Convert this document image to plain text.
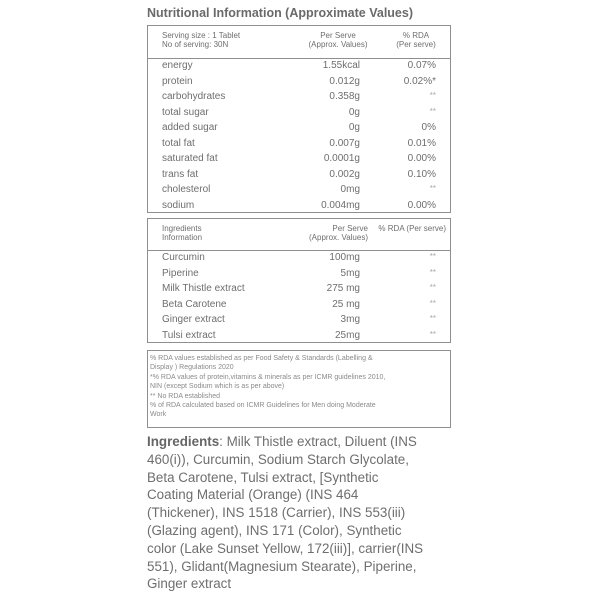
Nutritional Information (Approximate Values)
Serving size : 1 Tablet
No of serving: 30N
Per Serve
(Approx. Values)
% RDA
(Per serve)
energy	1.55kcal	0.07%
protein	0.012g	0.02%*
carbohydrates	0.358g	**
total sugar	0g	**
added sugar	0g	0%
total fat	0.007g	0.01%
saturated fat	0.0001g	0.00%
trans fat	0.002g	0.10%
cholesterol	0mg	**
sodium	0.004mg	0.00%
Ingredients
Information
Per Serve
(Approx. Values)
% RDA (Per serve)
Curcumin	100mg	**
Piperine	5mg	**
Milk Thistle extract	275 mg	**
Beta Carotene	25 mg	**
Ginger extract	3mg	**
Tulsi extract	25mg	**
% RDA values established as per Food Safety & Standards (Labelling &
Display ) Regulations 2020
*% RDA values of protein,vitamins & minerals as per ICMR guidelines 2010,
NIN (except Sodium which is as per above)
** No RDA established
% of RDA calculated based on ICMR Guidelines for Men doing Moderate
Work
Ingredients: Milk Thistle extract, Diluent (INS
460(i)), Curcumin, Sodium Starch Glycolate,
Beta Carotene, Tulsi extract, [Synthetic
Coating Material (Orange) (INS 464
(Thickener), INS 1518 (Carrier), INS 553(iii)
(Glazing agent), INS 171 (Color), Synthetic
color (Lake Sunset Yellow, 172(iii)], carrier(INS
551), Glidant(Magnesium Stearate), Piperine,
Ginger extract
